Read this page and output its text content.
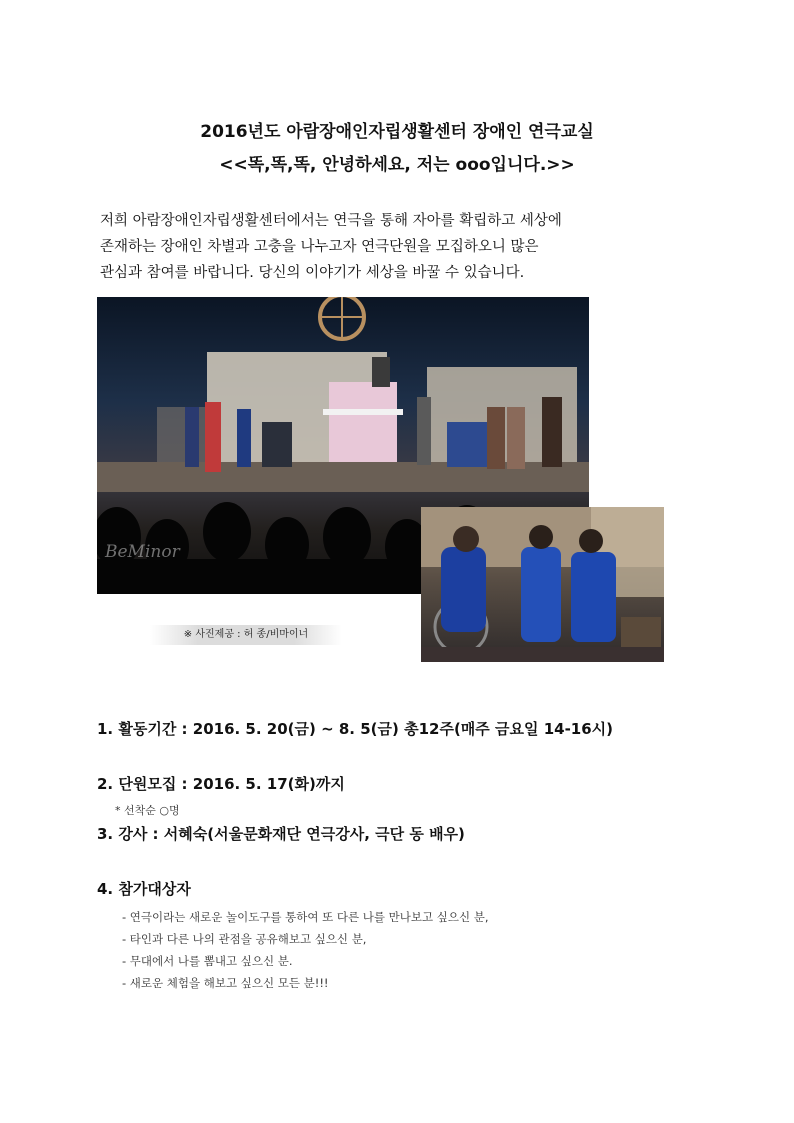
2016년도 아람장애인자립생활센터 장애인 연극교실
<<똑,똑,똑, 안녕하세요, 저는 ooo입니다.>>
저희 아람장애인자립생활센터에서는 연극을 통해 자아를 확립하고 세상에
존재하는 장애인 차별과 고충을 나누고자 연극단원을 모집하오니 많은
관심과 참여를 바랍니다. 당신의 이야기가 세상을 바꿀 수 있습니다.
BeMinor
※ 사진제공 : 허 종/비마이너
1. 활동기간 : 2016. 5. 20(금) ~ 8. 5(금) 총12주(매주 금요일 14-16시)
2. 단원모집 : 2016. 5. 17(화)까지
* 선착순 ○명
3. 강사 : 서혜숙(서울문화재단 연극강사, 극단 동 배우)
4. 참가대상자
- 연극이라는 새로운 놀이도구를 통하여 또 다른 나를 만나보고 싶으신 분,
- 타인과 다른 나의 관점을 공유해보고 싶으신 분,
- 무대에서 나를 뽐내고 싶으신 분.
- 새로운 체험을 해보고 싶으신 모든 분!!!
